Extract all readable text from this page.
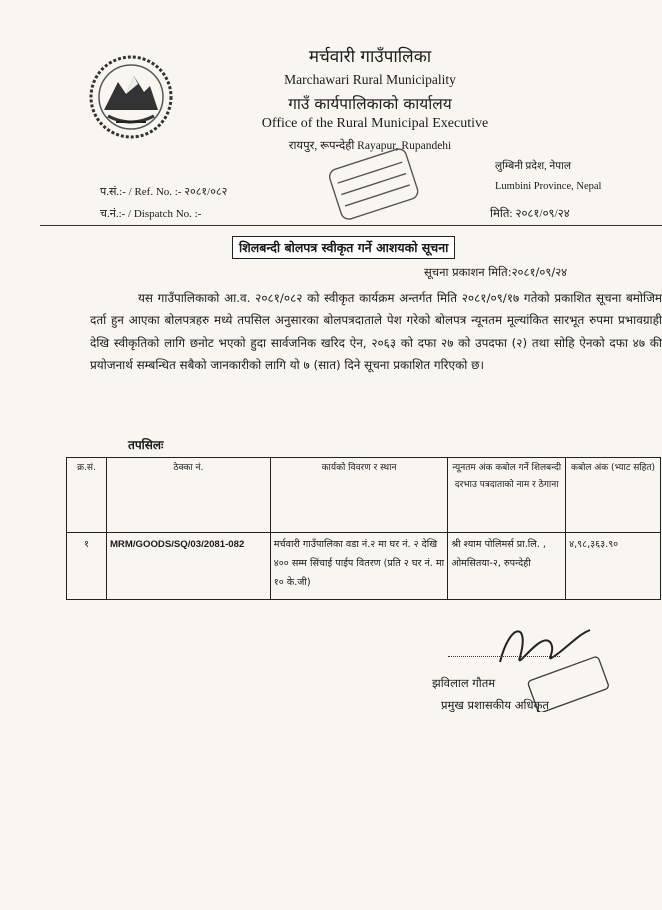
मर्चवारी गाउँपालिका
Marchawari Rural Municipality
गाउँ कार्यपालिकाको कार्यालय
Office of the Rural Municipal Executive
रायपुर, रूपन्देही Rayapur, Rupandehi
लुम्बिनी प्रदेश, नेपाल
Lumbini Province, Nepal
प.सं.:- / Ref. No. :- २०८१/०८२
च.नं.:- / Dispatch No. :-	मिति: २०८१/०९/२४
शिलबन्दी बोलपत्र स्वीकृत गर्ने आशयको सूचना
सूचना प्रकाशन मिति:२०८१/०९/२४
यस गाउँपालिकाको आ.व. २०८१/०८२ को स्वीकृत कार्यक्रम अन्तर्गत मिति २०८१/०९/१७ गतेको प्रकाशित सूचना बमोजिम दर्ता हुन आएका बोलपत्रहरु मध्ये तपसिल अनुसारका बोलपत्रदाताले पेश गरेको बोलपत्र न्यूनतम मूल्यांकित सारभूत रुपमा प्रभावग्राही देखि स्वीकृतिको लागि छनोट भएको हुदा सार्वजनिक खरिद ऐन, २०६३ को दफा २७ को उपदफा (२) तथा सोहि ऐनको दफा ४७ की प्रयोजनार्थ सम्बन्धित सबैको जानकारीको लागि यो ७ (सात) दिने सूचना प्रकाशित गरिएको छ।
तपसिलः
क्र.सं.	ठेक्का नं.	कार्यको विवरण र स्थान	न्यूनतम अंक कबोल गर्ने शिलबन्दी दरभाउ पत्रदाताको नाम र ठेगाना	कबोल अंक (भ्याट सहित)
१	MRM/GOODS/SQ/03/2081-082	मर्चवारी गाउँपालिका वडा नं.२ मा घर नं. २ देखि ४०० सम्म सिंचाई पाईप वितरण (प्रति २ घर नं. मा १० के.जी)	श्री श्याम पोलिमर्स प्रा.लि. , ओमसितया-२, रुपन्देही	४,९८,३६३.९०
झविलाल गाैतम
प्रमुख प्रशासकीय अधिकृत
